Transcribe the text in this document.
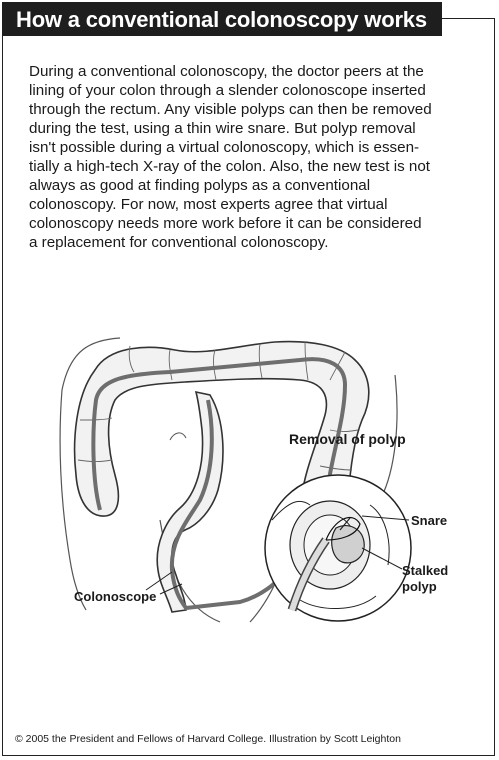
How a conventional colonoscopy works

During a conventional colonoscopy, the doctor peers at the
lining of your colon through a slender colonoscope inserted
through the rectum. Any visible polyps can then be removed
during the test, using a thin wire snare. But polyp removal
isn't possible during a virtual colonoscopy, which is essen-
tially a high-tech X-ray of the colon. Also, the new test is not
always as good at finding polyps as a conventional
colonoscopy. For now, most experts agree that virtual
colonoscopy needs more work before it can be considered
a replacement for conventional colonoscopy.

Removal of polyp
Snare
Stalked
polyp
Colonoscope
© 2005 the President and Fellows of Harvard College. Illustration by Scott Leighton
